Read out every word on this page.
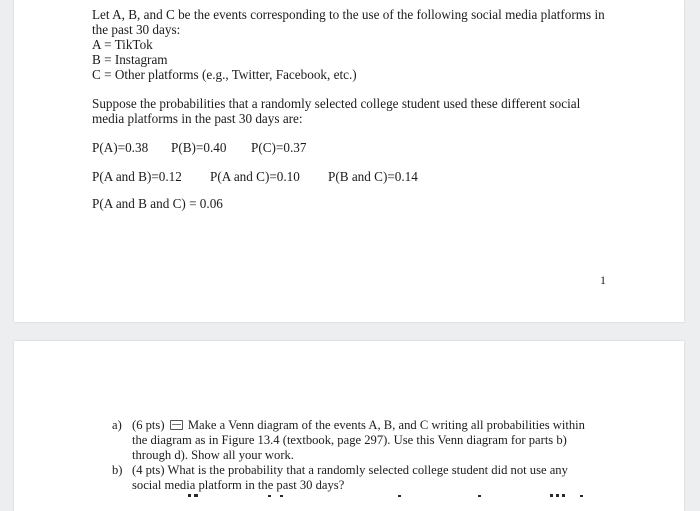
Let A, B, and C be the events corresponding to the use of the following social media platforms in
the past 30 days:
A = TikTok
B = Instagram
C = Other platforms (e.g., Twitter, Facebook, etc.)
Suppose the probabilities that a randomly selected college student used these different social
media platforms in the past 30 days are:
P(A)=0.38 P(B)=0.40 P(C)=0.37
P(A and B)=0.12 P(A and C)=0.10 P(B and C)=0.14
P(A and B and C) = 0.06
1
a) (6 pts) Make a Venn diagram of the events A, B, and C writing all probabilities within
the diagram as in Figure 13.4 (textbook, page 297). Use this Venn diagram for parts b)
through d). Show all your work.
b) (4 pts) What is the probability that a randomly selected college student did not use any
social media platform in the past 30 days?
